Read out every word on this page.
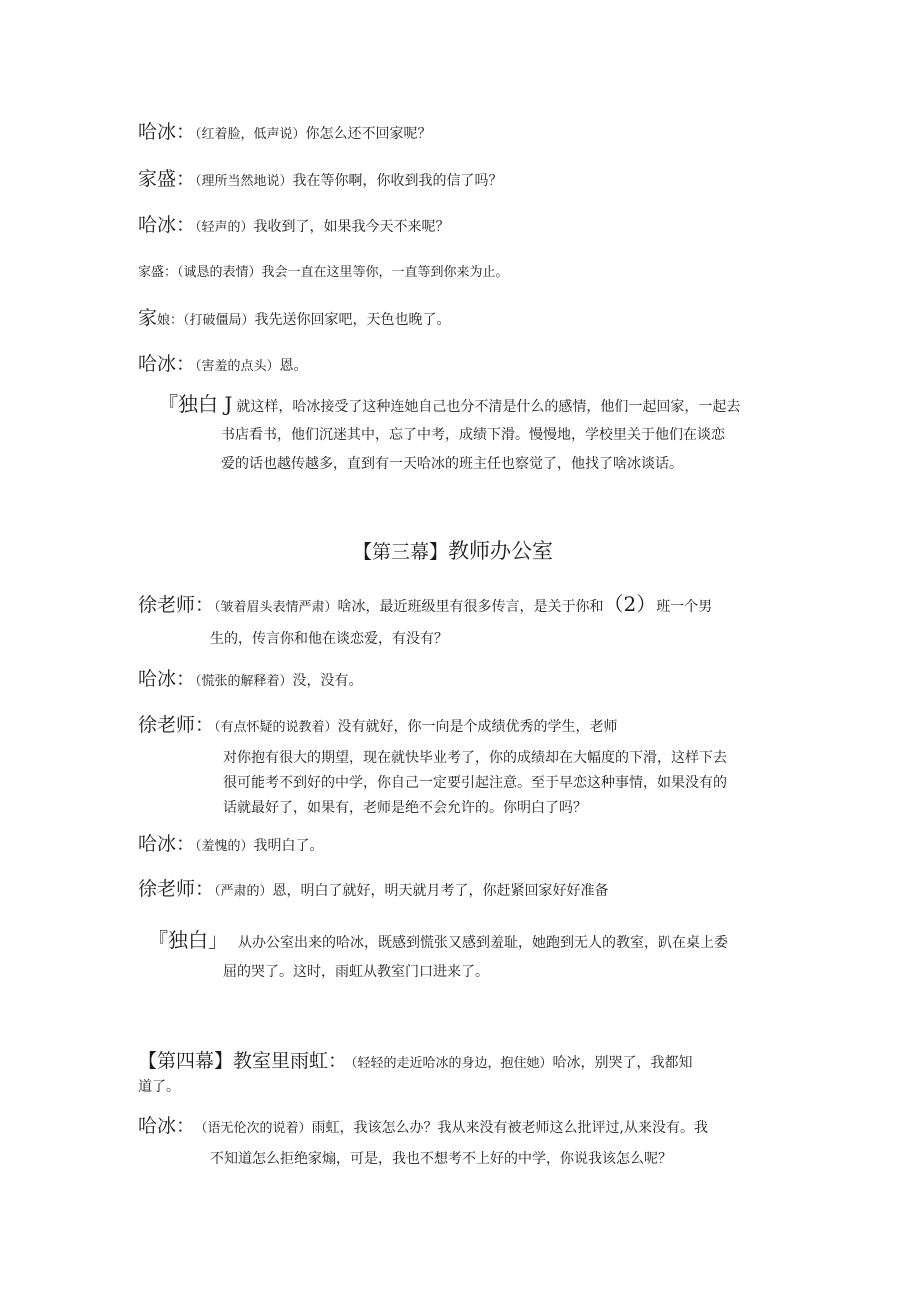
哈冰：（红着脸，低声说）你怎么还不回家呢？
家盛：（理所当然地说）我在等你啊，你收到我的信了吗？
哈冰：（轻声的）我收到了，如果我今天不来呢？
家盛：（诚恳的表情）我会一直在这里等你，一直等到你来为止。
家娘：（打破僵局）我先送你回家吧，天色也晚了。
哈冰：（害羞的点头）恩。
『独白 J 就这样，哈冰接受了这种连她自己也分不清是什么的感情，他们一起回家，一起去
书店看书，他们沉迷其中，忘了中考，成绩下滑。慢慢地，学校里关于他们在谈恋
爱的话也越传越多，直到有一天哈冰的班主任也察觉了，他找了啥冰谈话。
【第三幕】教师办公室
徐老师：（皱着眉头表情严肃）啥冰，最近班级里有很多传言，是关于你和（2）班一个男
生的，传言你和他在谈恋爱，有没有？
哈冰：（慌张的解释着）没，没有。
徐老师：（有点怀疑的说教着）没有就好，你一向是个成绩优秀的学生，老师
对你抱有很大的期望，现在就快毕业考了，你的成绩却在大幅度的下滑，这样下去
很可能考不到好的中学，你自己一定要引起注意。至于早恋这种事情，如果没有的
话就最好了，如果有，老师是绝不会允许的。你明白了吗？
哈冰：（羞愧的）我明白了。
徐老师：（严肃的）恩，明白了就好，明天就月考了，你赶紧回家好好准备
『独白」 从办公室出来的哈冰，既感到慌张又感到羞耻，她跑到无人的教室，趴在桌上委
屈的哭了。这时，雨虹从教室门口进来了。
【第四幕】教室里雨虹： （轻轻的走近哈冰的身边，抱住她）哈冰，别哭了，我都知
道了。
哈冰： （语无伦次的说着）雨虹，我该怎么办？我从来没有被老师这么批评过,从来没有。我
不知道怎么拒绝家煽，可是，我也不想考不上好的中学，你说我该怎么呢？
